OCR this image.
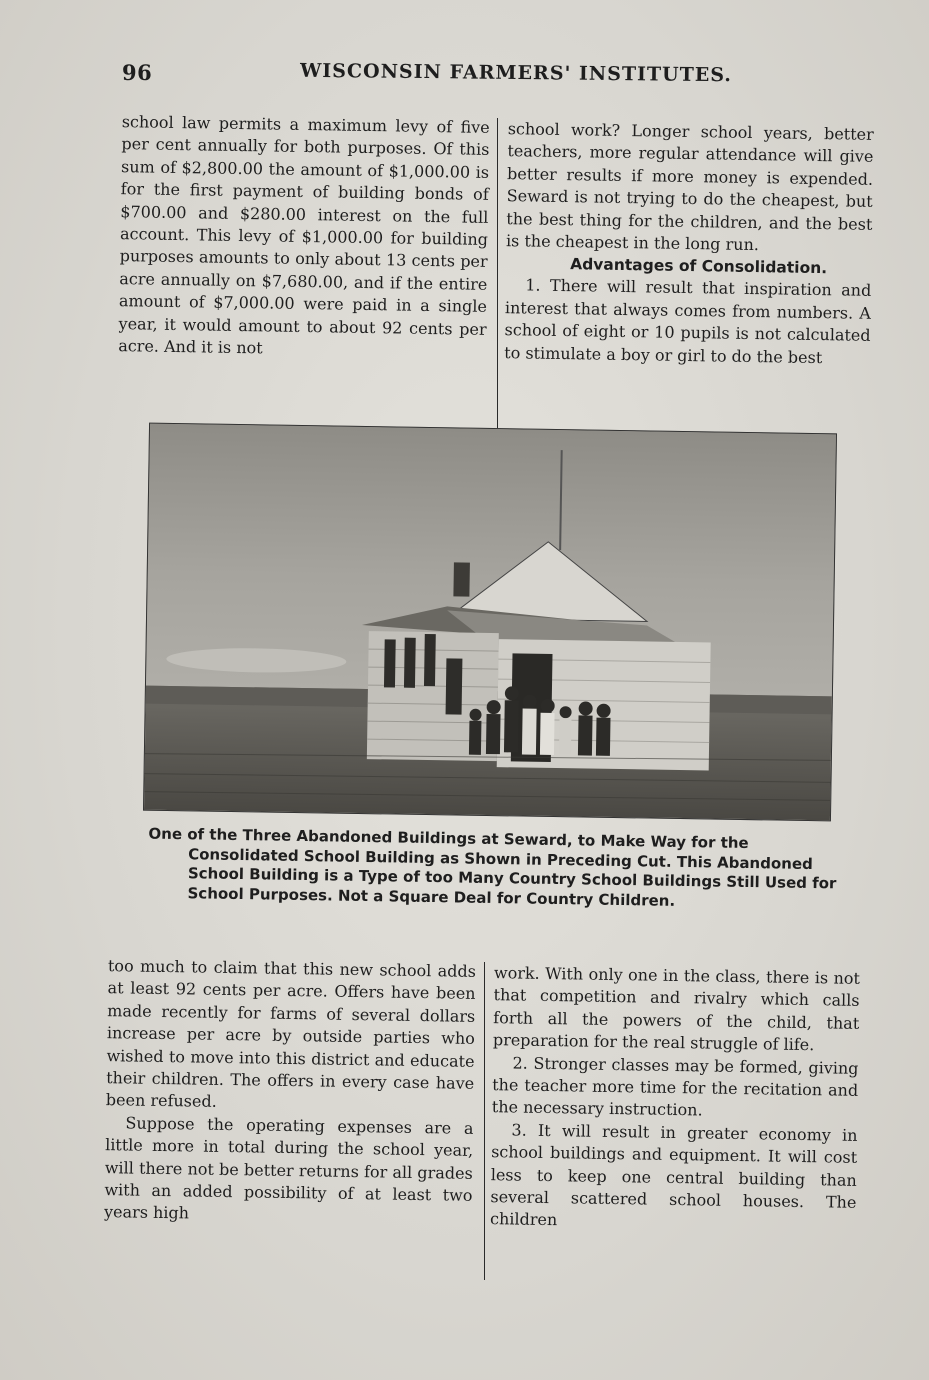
96	WISCONSIN FARMERS' INSTITUTES.

school law permits a maximum levy of five per cent annually for both purposes. Of this sum of $2,800.00 the amount of $1,000.00 is for the first payment of building bonds of $700.00 and $280.00 interest on the full account. This levy of $1,000.00 for building purposes amounts to only about 13 cents per acre annually on $7,680.00, and if the entire amount of $7,000.00 were paid in a single year, it would amount to about 92 cents per acre. And it is not

school work? Longer school years, better teachers, more regular attendance will give better results if more money is expended. Seward is not trying to do the cheapest, but the best thing for the children, and the best is the cheapest in the long run.

Advantages of Consolidation.

1. There will result that inspiration and interest that always comes from numbers. A school of eight or 10 pupils is not calculated to stimulate a boy or girl to do the best

One of the Three Abandoned Buildings at Seward, to Make Way for the Consolidated School Building as Shown in Preceding Cut. This Abandoned School Building is a Type of too Many Country School Buildings Still Used for School Purposes. Not a Square Deal for Country Children.

too much to claim that this new school adds at least 92 cents per acre. Offers have been made recently for farms of several dollars increase per acre by outside parties who wished to move into this district and educate their children. The offers in every case have been refused.

Suppose the operating expenses are a little more in total during the school year, will there not be better returns for all grades with an added possibility of at least two years high

work. With only one in the class, there is not that competition and rivalry which calls forth all the powers of the child, that preparation for the real struggle of life.

2. Stronger classes may be formed, giving the teacher more time for the recitation and the necessary instruction.

3. It will result in greater economy in school buildings and equipment. It will cost less to keep one central building than several scattered school houses. The children
